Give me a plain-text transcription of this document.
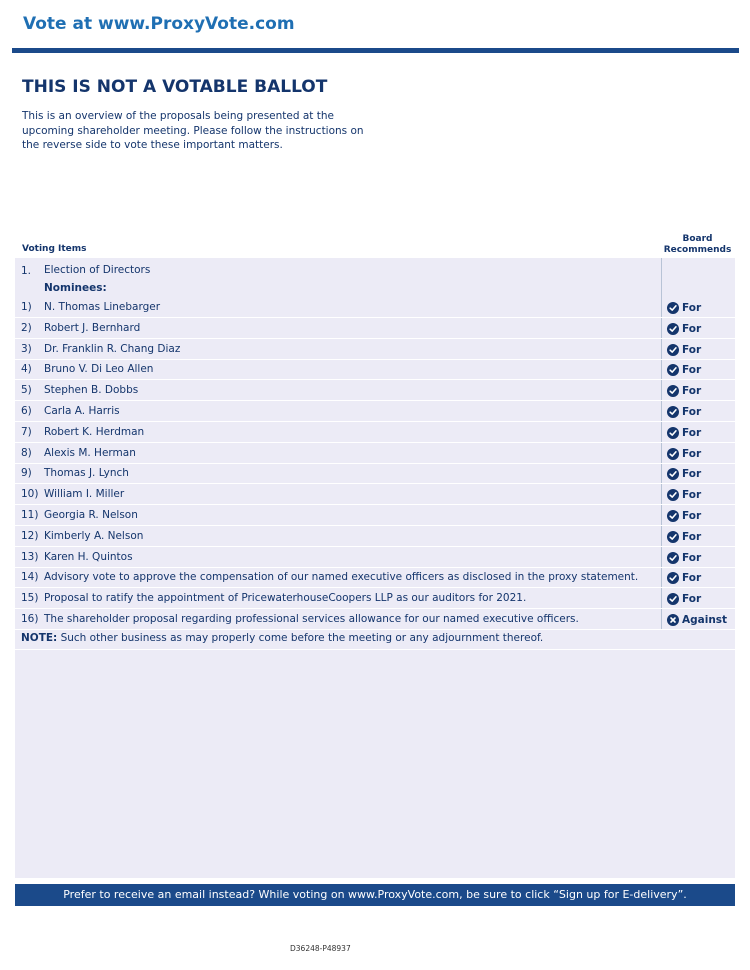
Vote at www.ProxyVote.com
THIS IS NOT A VOTABLE BALLOT
This is an overview of the proposals being presented at the
upcoming shareholder meeting. Please follow the instructions on
the reverse side to vote these important matters.
Voting Items
Board
Recommends
1. Election of Directors
Nominees:
1) N. Thomas Linebarger	For
2) Robert J. Bernhard	For
3) Dr. Franklin R. Chang Diaz	For
4) Bruno V. Di Leo Allen	For
5) Stephen B. Dobbs	For
6) Carla A. Harris	For
7) Robert K. Herdman	For
8) Alexis M. Herman	For
9) Thomas J. Lynch	For
10) William I. Miller	For
11) Georgia R. Nelson	For
12) Kimberly A. Nelson	For
13) Karen H. Quintos	For
14) Advisory vote to approve the compensation of our named executive officers as disclosed in the proxy statement.	For
15) Proposal to ratify the appointment of PricewaterhouseCoopers LLP as our auditors for 2021.	For
16) The shareholder proposal regarding professional services allowance for our named executive officers.	Against
NOTE: Such other business as may properly come before the meeting or any adjournment thereof.
Prefer to receive an email instead? While voting on www.ProxyVote.com, be sure to click “Sign up for E-delivery”.
D36248-P48937
